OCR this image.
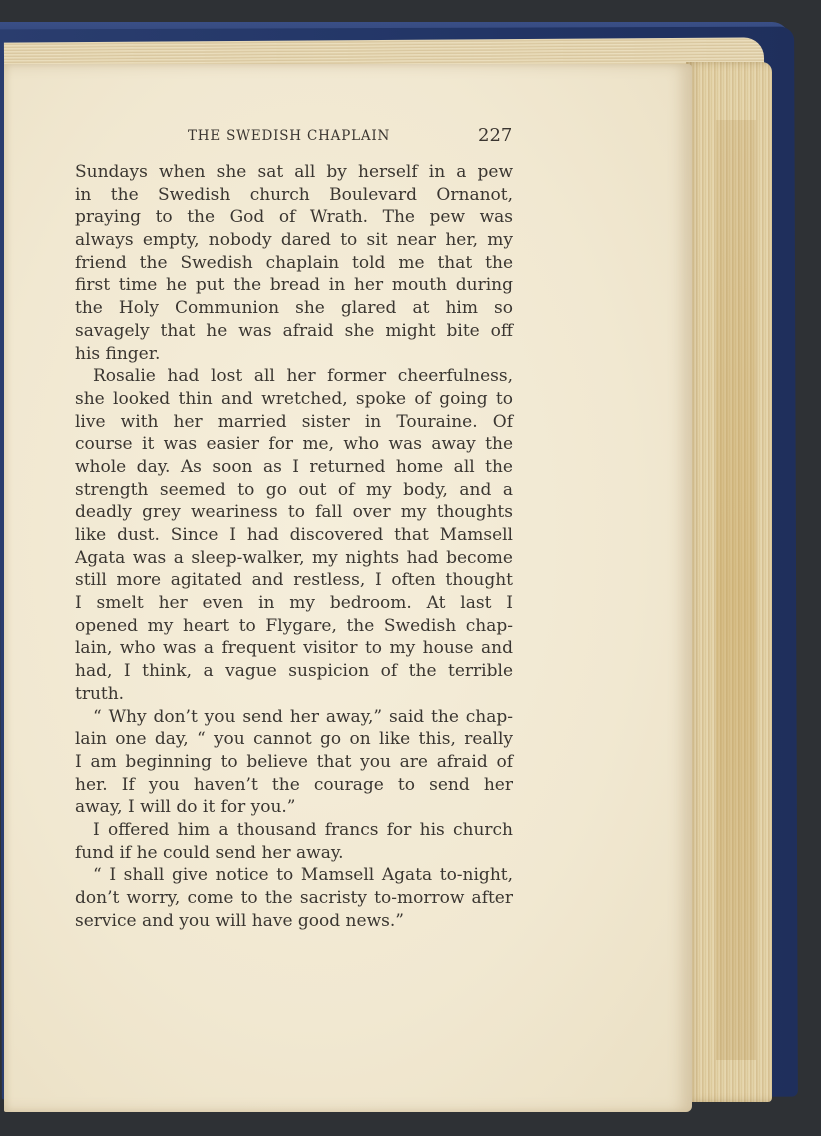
THE SWEDISH CHAPLAIN	227
Sundays when she sat all by herself in a pew
in the Swedish church Boulevard Ornanot,
praying to the God of Wrath. The pew was
always empty, nobody dared to sit near her, my
friend the Swedish chaplain told me that the
first time he put the bread in her mouth during
the Holy Communion she glared at him so
savagely that he was afraid she might bite off
his finger.
Rosalie had lost all her former cheerfulness,
she looked thin and wretched, spoke of going to
live with her married sister in Touraine. Of
course it was easier for me, who was away the
whole day. As soon as I returned home all the
strength seemed to go out of my body, and a
deadly grey weariness to fall over my thoughts
like dust. Since I had discovered that Mamsell
Agata was a sleep-walker, my nights had become
still more agitated and restless, I often thought
I smelt her even in my bedroom. At last I
opened my heart to Flygare, the Swedish chap-
lain, who was a frequent visitor to my house and
had, I think, a vague suspicion of the terrible
truth.
“ Why don’t you send her away,” said the chap-
lain one day, “ you cannot go on like this, really
I am beginning to believe that you are afraid of
her. If you haven’t the courage to send her
away, I will do it for you.”
I offered him a thousand francs for his church
fund if he could send her away.
“ I shall give notice to Mamsell Agata to-night,
don’t worry, come to the sacristy to-morrow after
service and you will have good news.”
